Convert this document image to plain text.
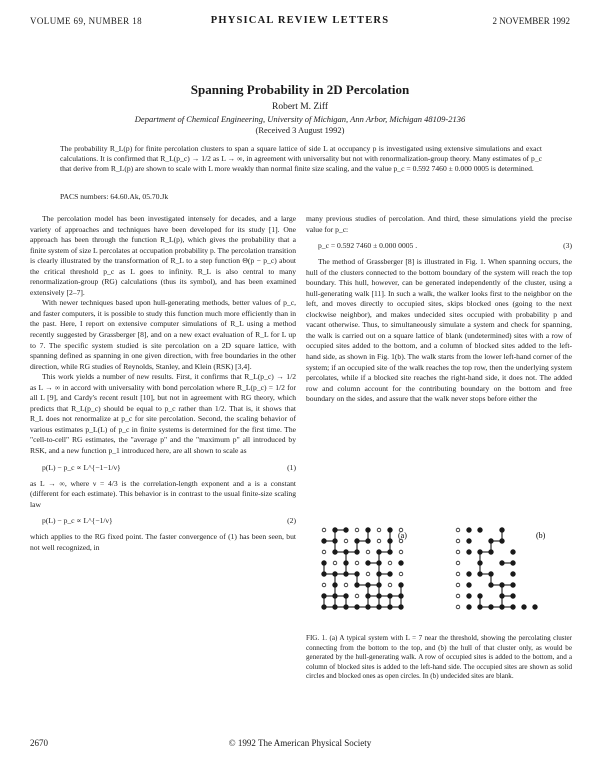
VOLUME 69, NUMBER 18	PHYSICAL REVIEW LETTERS	2 NOVEMBER 1992
Spanning Probability in 2D Percolation
Robert M. Ziff
Department of Chemical Engineering, University of Michigan, Ann Arbor, Michigan 48109-2136
(Received 3 August 1992)
The probability R_L(p) for finite percolation clusters to span a square lattice of side L at occupancy p is investigated using extensive simulations and exact calculations. It is confirmed that R_L(p_c) → 1/2 as L → ∞, in agreement with universality but not with renormalization-group theory. Many estimates of p_c that derive from R_L(p) are shown to scale with L more weakly than normal finite size scaling, and the value p_c = 0.592 7460 ± 0.000 0005 is determined.
PACS numbers: 64.60.Ak, 05.70.Jk

The percolation model has been investigated intensely for decades, and a large variety of approaches and techniques have been developed for its study [1]. One approach has been through the function R_L(p), which gives the probability that a finite system of size L percolates at occupation probability p. The percolation transition is clearly illustrated by the transformation of R_L to a step function Θ(p − p_c) about the critical threshold p_c as L goes to infinity. R_L is also central to many renormalization-group (RG) calculations (thus its symbol), and has been examined extensively [2–7].

With newer techniques based upon hull-generating methods, better values of p_c, and faster computers, it is possible to study this function much more efficiently than in the past. Here, I report on extensive computer simulations of R_L using a method recently suggested by Grassberger [8], and on a new exact evaluation of R_L for L up to 7. The specific system studied is site percolation on a 2D square lattice, with spanning defined as spanning in one given direction, with free boundaries in the other direction, while RG studies of Reynolds, Stanley, and Klein (RSK) [3,4].

This work yields a number of new results. First, it confirms that R_L(p_c) → 1/2 as L → ∞ in accord with universality with bond percolation where R_L(p_c) = 1/2 for all L [9], and Cardy's recent result [10], but not in agreement with RG theory, which predicts that R_L(p_c) should be equal to p_c rather than 1/2. That is, it shows that R_L does not renormalize at p_c for site percolation. Second, the scaling behavior of various estimates p_L(L) of p_c in finite systems is determined for the first time. The "cell-to-cell" RG estimates, the "average p" and the "maximum p" all introduced by RSK, and a new function p_1 introduced here, are all shown to scale as

p(L) − p_c ∝ L^{−1−1/ν}	(1)

as L → ∞, where ν = 4/3 is the correlation-length exponent and a is a constant (different for each estimate). This behavior is in contrast to the usual finite-size scaling law

p(L) − p_c ∝ L^{−1/ν}	(2)

which applies to the RG fixed point. The faster convergence of (1) has been seen, but not well recognized, in

many previous studies of percolation. And third, these simulations yield the precise value for p_c:

p_c = 0.592 7460 ± 0.000 0005 .	(3)

The method of Grassberger [8] is illustrated in Fig. 1. When spanning occurs, the hull of the clusters connected to the bottom boundary of the system will reach the top boundary. This hull, however, can be generated independently of the cluster, using a hull-generating walk [11]. In such a walk, the walker looks first to the neighbor on the left, and moves directly to occupied sites, skips blocked ones (going to the next clockwise neighbor), and makes undecided sites occupied with probability p and vacant otherwise. Thus, to simultaneously simulate a system and check for spanning, the walk is carried out on a square lattice of blank (undetermined) sites with a row of occupied sites added to the bottom, and a column of blocked sites added to the left-hand side, as shown in Fig. 1(b). The walk starts from the lower left-hand corner of the system; if an occupied site of the walk reaches the top row, then the underlying system percolates, while if a blocked site reaches the right-hand side, it does not. The added row and column account for the contributing boundary on the bottom and free boundary on the sides, and assure that the walk never stops before either the

(a)	(b)
FIG. 1. (a) A typical system with L = 7 near the threshold, showing the percolating cluster connecting from the bottom to the top, and (b) the hull of that cluster only, as would be generated by the hull-generating walk. A row of occupied sites is added to the bottom, and a column of blocked sites is added to the left-hand side. The occupied sites are shown as solid circles and blocked ones as open circles. In (b) undecided sites are blank.
2670	© 1992 The American Physical Society
